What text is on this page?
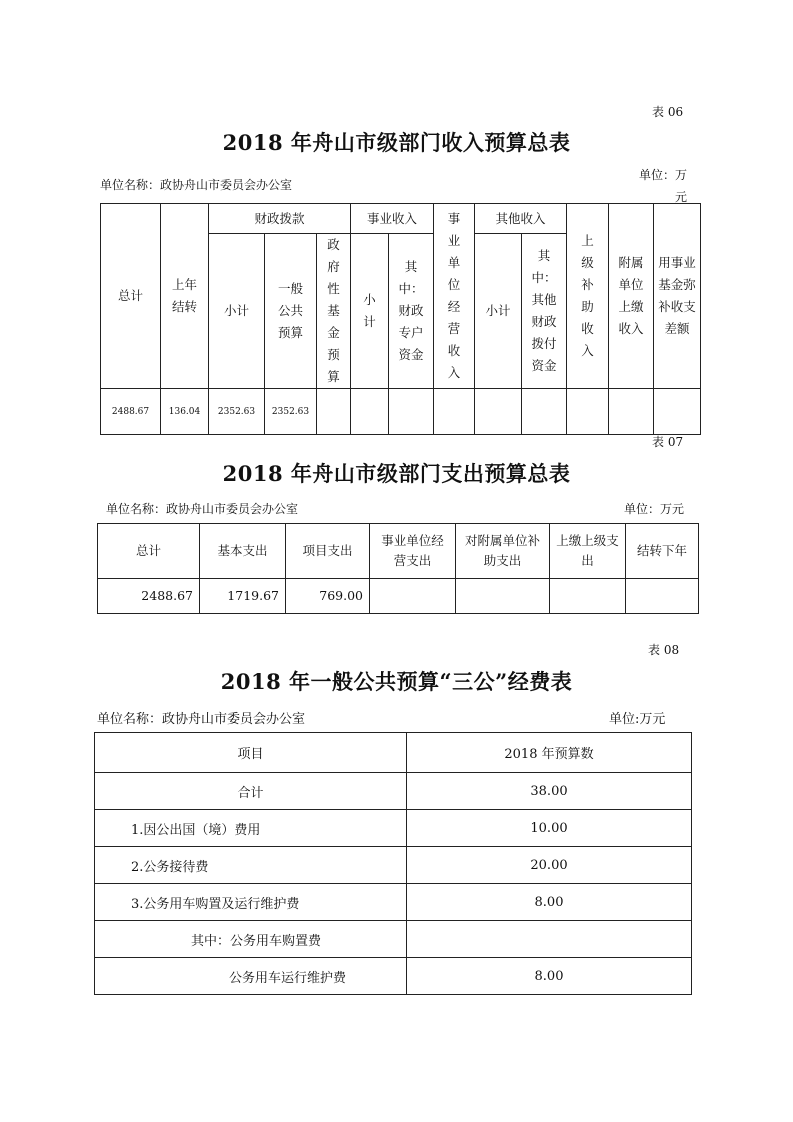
表 06
2018 年舟山市级部门收入预算总表
单位名称：政协舟山市委员会办公室
单位：万元
总计	上年结转	财政拨款			事业收入		事业单位经营收入	其他收入		上级补助收入	附属单位上缴收入	用事业基金弥补收支差额
		小计	一般公共预算	政府性基金预算	小计	其中：财政专户资金		小计	其中：其他财政拨付资金			
2488.67	136.04	2352.63	2352.63									
表 07
2018 年舟山市级部门支出预算总表
单位名称：政协舟山市委员会办公室	单位：万元
总计	基本支出	项目支出	事业单位经营支出	对附属单位补助支出	上缴上级支出	结转下年
2488.67	1719.67	769.00				
表 08
2018 年一般公共预算“三公”经费表
单位名称：政协舟山市委员会办公室	单位:万元
项目	2018 年预算数
合计	38.00
1.因公出国（境）费用	10.00
2.公务接待费	20.00
3.公务用车购置及运行维护费	8.00
其中：公务用车购置费	
公务用车运行维护费	8.00
